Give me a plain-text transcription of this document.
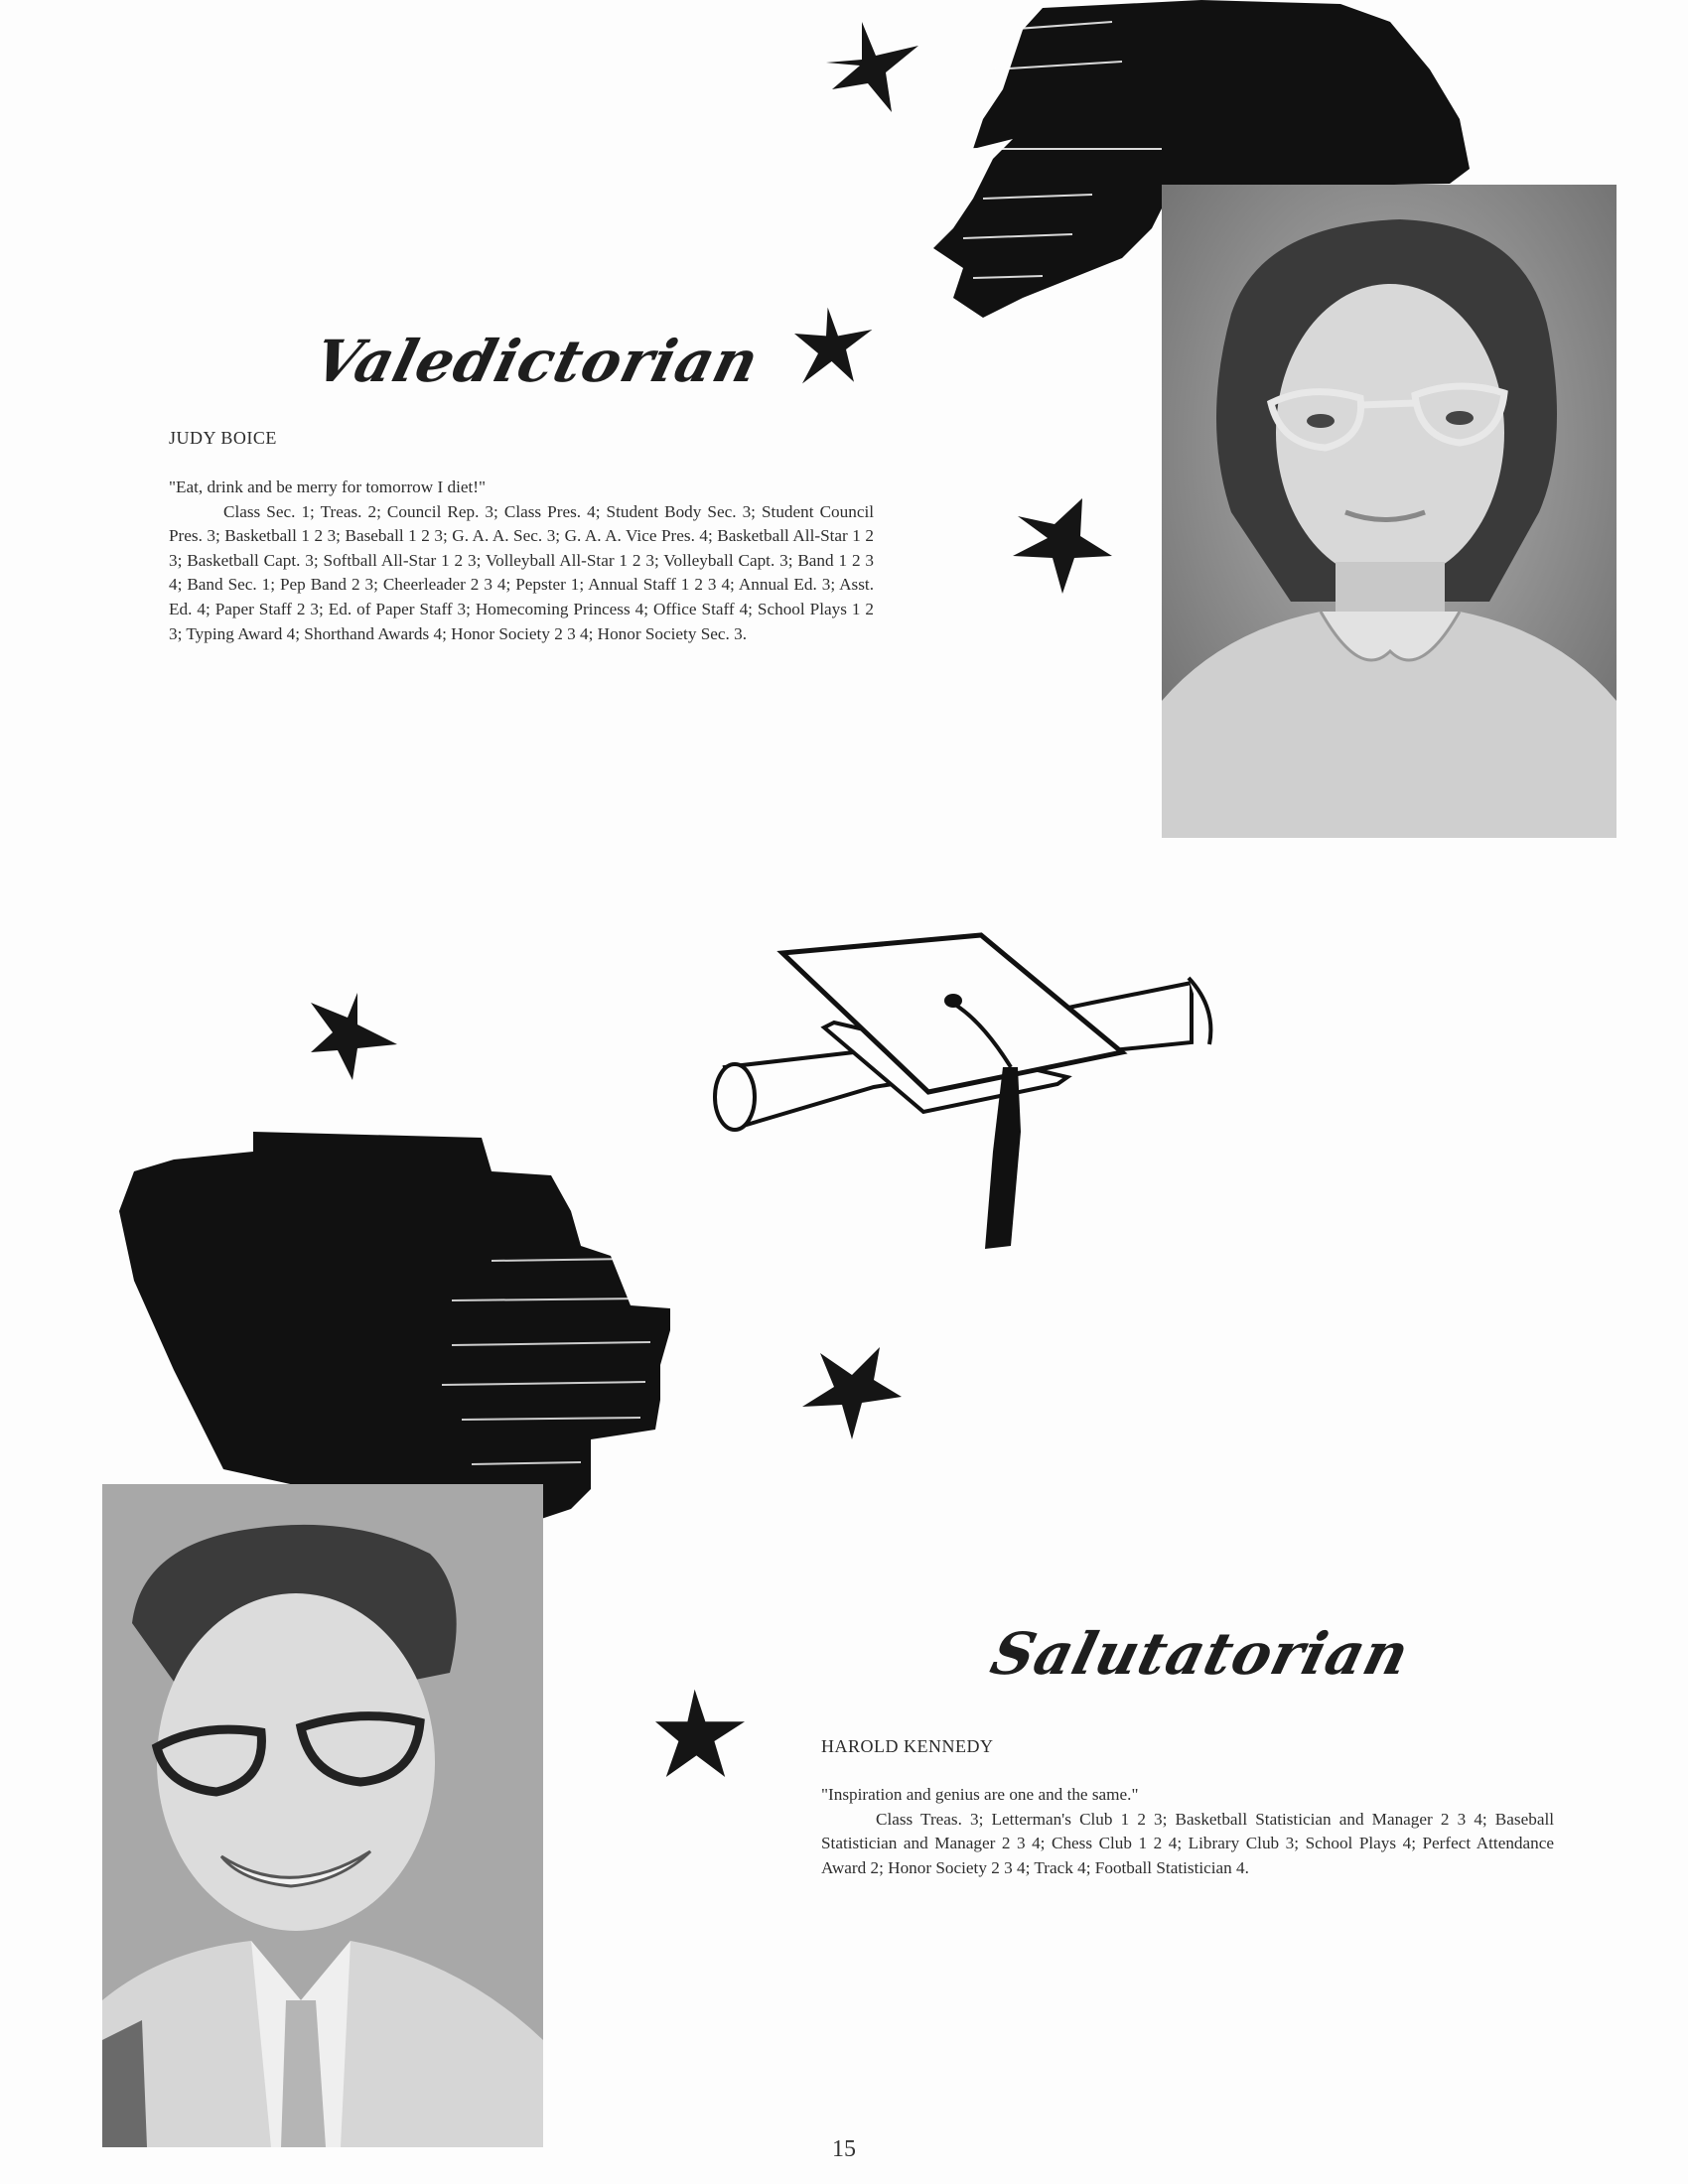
Valedictorian
JUDY BOICE
"Eat, drink and be merry for tomorrow I diet!"
Class Sec. 1; Treas. 2; Council Rep. 3; Class Pres. 4; Student Body Sec. 3; Student Council Pres. 3; Basketball 1 2 3; Baseball 1 2 3; G. A. A. Sec. 3; G. A. A. Vice Pres. 4; Basketball All-Star 1 2 3; Basketball Capt. 3; Softball All-Star 1 2 3; Volleyball All-Star 1 2 3; Volleyball Capt. 3; Band 1 2 3 4; Band Sec. 1; Pep Band 2 3; Cheerleader 2 3 4; Pepster 1; Annual Staff 1 2 3 4; Annual Ed. 3; Asst. Ed. 4; Paper Staff 2 3; Ed. of Paper Staff 3; Homecoming Princess 4; Office Staff 4; School Plays 1 2 3; Typing Award 4; Shorthand Awards 4; Honor Society 2 3 4; Honor Society Sec. 3.
Salutatorian
HAROLD KENNEDY
"Inspiration and genius are one and the same."
Class Treas. 3; Letterman's Club 1 2 3; Basketball Statistician and Manager 2 3 4; Baseball Statistician and Manager 2 3 4; Chess Club 1 2 4; Library Club 3; School Plays 4; Perfect Attendance Award 2; Honor Society 2 3 4; Track 4; Football Statistician 4.
15
